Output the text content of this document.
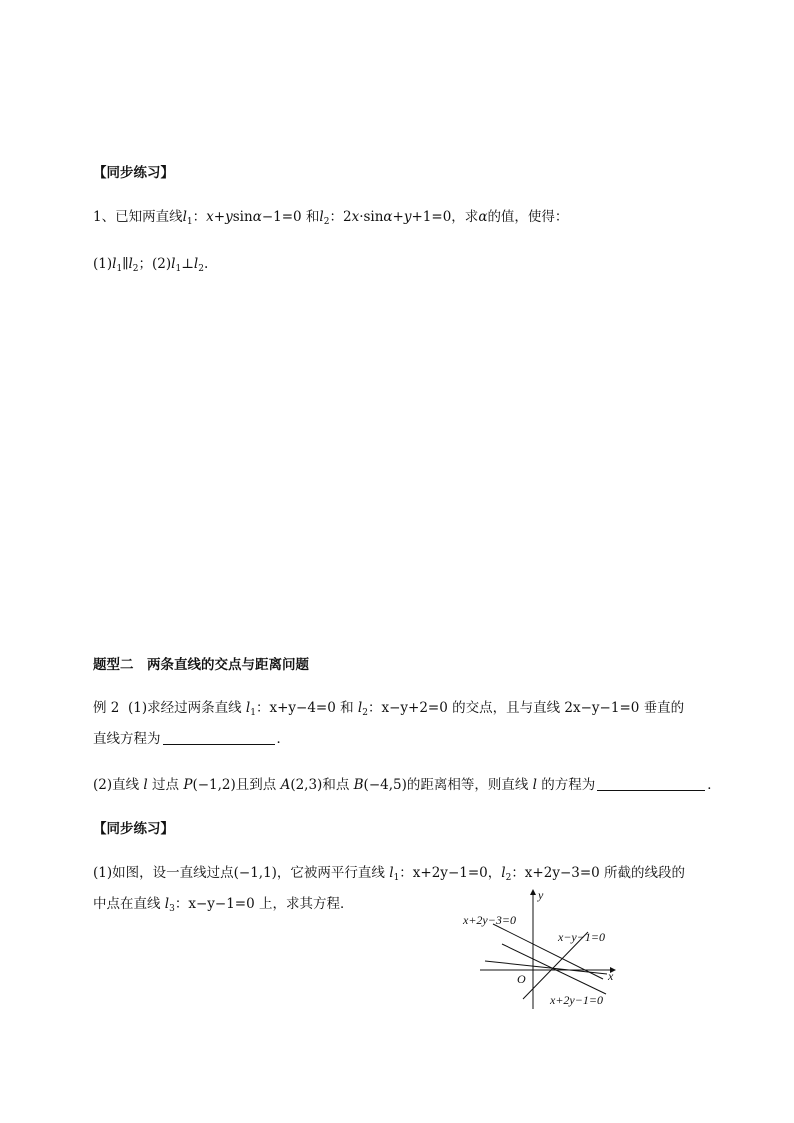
【同步练习】
1、已知两直线$l_1$：x+ysinα−1=0 和$l_2$：2x·sinα+y+1=0，求α的值，使得：
$(1)l_1\parallel l_2$；$(2)l_1\perp l_2$.
题型二　两条直线的交点与距离问题
例 2 (1)求经过两条直线 $l_1$：x+y−4=0 和 $l_2$：x−y+2=0 的交点，且与直线 2x−y−1=0 垂直的
直线方程为	．
(2)直线 l 过点 P(−1,2)且到点 A(2,3)和点 B(−4,5)的距离相等，则直线 l 的方程为	．
【同步练习】
(1)如图，设一直线过点(−1,1)，它被两平行直线 $l_1$：x+2y−1=0，$l_2$：x+2y−3=0 所截的线段的
中点在直线 $l_3$：x−y−1=0 上，求其方程．
x+2y−3=0
x−y−1=0
x+2y−1=0
x
y
O
